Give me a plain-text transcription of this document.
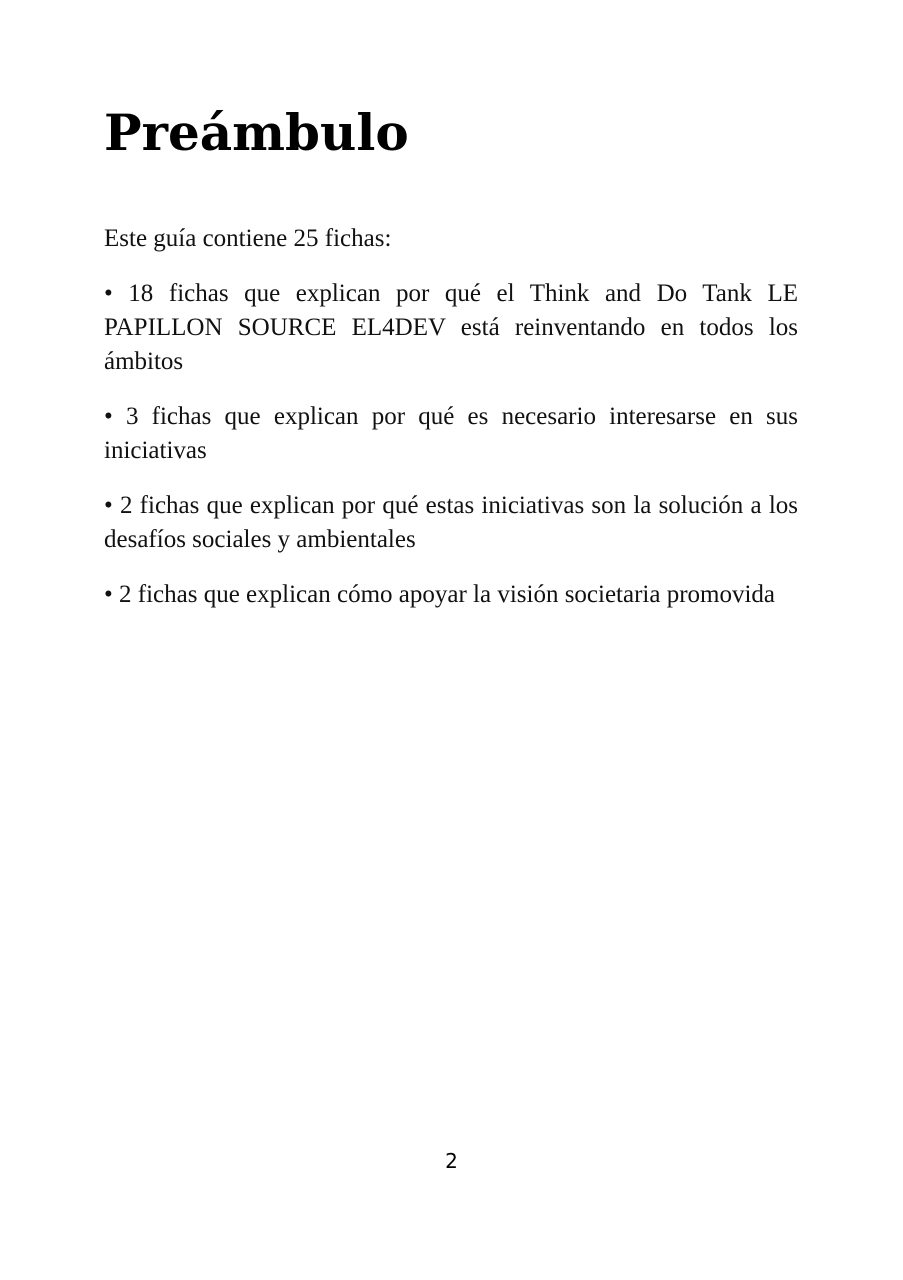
Preámbulo

Este guía contiene 25 fichas:

• 18 fichas que explican por qué el Think and Do Tank LE PAPILLON SOURCE EL4DEV está reinventando en todos los ámbitos
• 3 fichas que explican por qué es necesario interesarse en sus iniciativas
• 2 fichas que explican por qué estas iniciativas son la solución a los desafíos sociales y ambientales
• 2 fichas que explican cómo apoyar la visión societaria promovida
2
